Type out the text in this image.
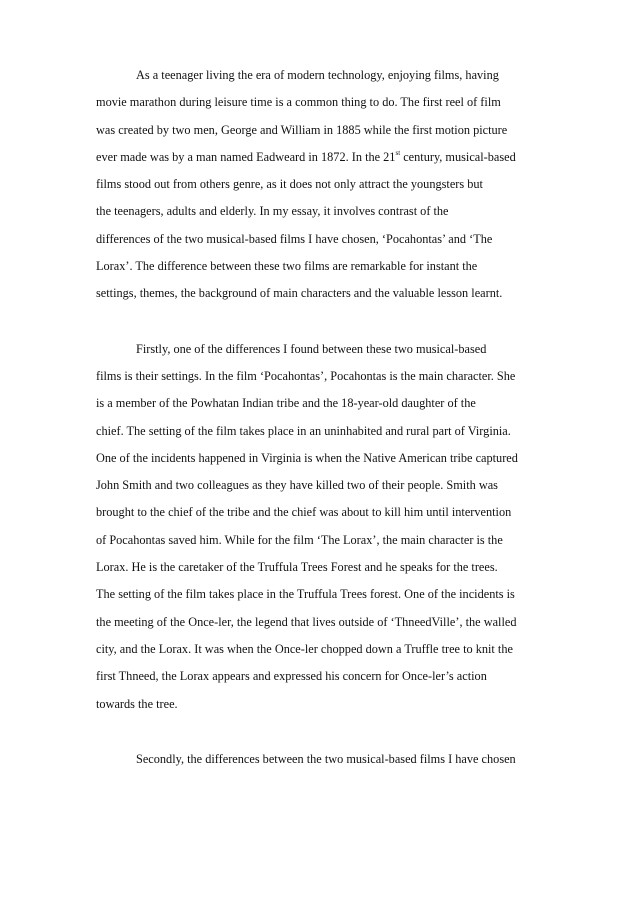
As a teenager living the era of modern technology, enjoying films, having
movie marathon during leisure time is a common thing to do. The first reel of film
was created by two men, George and William in 1885 while the first motion picture
ever made was by a man named Eadweard in 1872. In the 21st century, musical-based
films stood out from others genre, as it does not only attract the youngsters but
the teenagers, adults and elderly. In my essay, it involves contrast of the
differences of the two musical-based films I have chosen, ‘Pocahontas’ and ‘The
Lorax’. The difference between these two films are remarkable for instant the
settings, themes, the background of main characters and the valuable lesson learnt.
Firstly, one of the differences I found between these two musical-based
films is their settings. In the film ‘Pocahontas’, Pocahontas is the main character. She
is a member of the Powhatan Indian tribe and the 18-year-old daughter of the
chief. The setting of the film takes place in an uninhabited and rural part of Virginia.
One of the incidents happened in Virginia is when the Native American tribe captured
John Smith and two colleagues as they have killed two of their people. Smith was
brought to the chief of the tribe and the chief was about to kill him until intervention
of Pocahontas saved him. While for the film ‘The Lorax’, the main character is the
Lorax. He is the caretaker of the Truffula Trees Forest and he speaks for the trees.
The setting of the film takes place in the Truffula Trees forest. One of the incidents is
the meeting of the Once-ler, the legend that lives outside of ‘ThneedVille’, the walled
city, and the Lorax. It was when the Once-ler chopped down a Truffle tree to knit the
first Thneed, the Lorax appears and expressed his concern for Once-ler’s action
towards the tree.
Secondly, the differences between the two musical-based films I have chosen
